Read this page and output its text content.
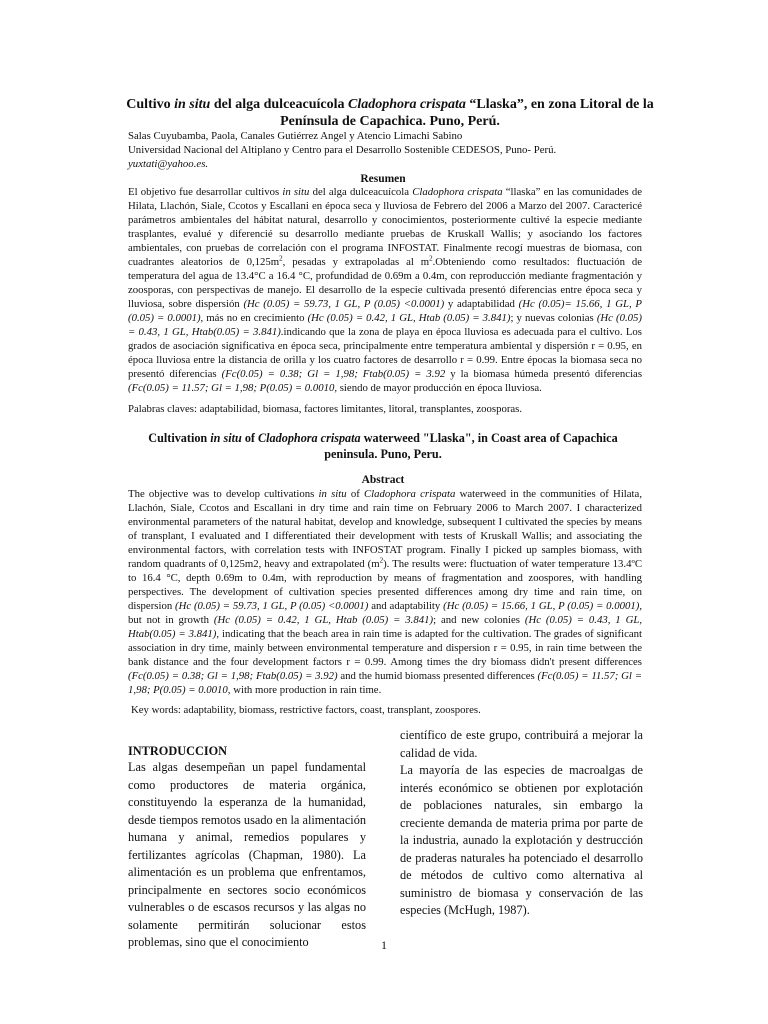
Cultivo in situ del alga dulceacuícola Cladophora crispata “Llaska”, en zona Litoral de la Península de Capachica. Puno, Perú.
Salas Cuyubamba, Paola, Canales Gutiérrez Angel y Atencio Limachi Sabino
Universidad Nacional del Altiplano y Centro para el Desarrollo Sostenible CEDESOS, Puno- Perú.
yuxtati@yahoo.es.
Resumen
El objetivo fue desarrollar cultivos in situ del alga dulceacuícola Cladophora crispata “llaska” en las comunidades de Hilata, Llachón, Siale, Ccotos y Escallani en época seca y lluviosa de Febrero del 2006 a Marzo del 2007. Caractericé parámetros ambientales del hábitat natural, desarrollo y conocimientos, posteriormente cultivé la especie mediante trasplantes, evalué y diferencié su desarrollo mediante pruebas de Kruskall Wallis; y asociando los factores ambientales, con pruebas de correlación con el programa INFOSTAT. Finalmente recogí muestras de biomasa, con cuadrantes aleatorios de $0,125m^2$, pesadas y extrapoladas al $m^2.Obteniendo$ como resultados: fluctuación de temperatura del agua de 13.4°C a 16.4 °C, profundidad de 0.69m a 0.4m, con reproducción mediante fragmentación y zoosporas, con perspectivas de manejo. El desarrollo de la especie cultivada presentó diferencias entre época seca y lluviosa, sobre dispersión (Hc (0.05) = 59.73, 1 GL, P (0.05) <0.0001) y adaptabilidad (Hc (0.05)= 15.66, 1 GL, P (0.05) = 0.0001), más no en crecimiento (Hc (0.05) = 0.42, 1 GL, Htab (0.05) = 3.841); y nuevas colonias (Hc (0.05) = 0.43, 1 GL, Htab(0.05) = 3.841).indicando que la zona de playa en época lluviosa es adecuada para el cultivo. Los grados de asociación significativa en época seca, principalmente entre temperatura ambiental y dispersión r = 0.95, en época lluviosa entre la distancia de orilla y los cuatro factores de desarrollo r = 0.99. Entre épocas la biomasa seca no presentó diferencias (Fc(0.05) = 0.38; Gl = 1,98; Ftab(0.05) = 3.92 y la biomasa húmeda presentó diferencias (Fc(0.05) = 11.57; Gl = 1,98; P(0.05) = 0.0010, siendo de mayor producción en época lluviosa.
Palabras claves: adaptabilidad, biomasa, factores limitantes, litoral, transplantes, zoosporas.
Cultivation in situ of Cladophora crispata waterweed "Llaska", in Coast area of Capachica peninsula. Puno, Peru.
Abstract
The objective was to develop cultivations in situ of Cladophora crispata waterweed in the communities of Hilata, Llachón, Siale, Ccotos and Escallani in dry time and rain time on February 2006 to March 2007. I characterized environmental parameters of the natural habitat, develop and knowledge, subsequent I cultivated the species by means of transplant, I evaluated and I differentiated their development with tests of Kruskall Wallis; and associating the environmental factors, with correlation tests with INFOSTAT program. Finally I picked up samples biomass, with random quadrants of 0,125m2, heavy and extrapolated $(m^2)$. The results were: fluctuation of water temperature 13.4ºC to 16.4 °C, depth 0.69m to 0.4m, with reproduction by means of fragmentation and zoospores, with handling perspectives. The development of cultivation species presented differences among dry time and rain time, on dispersion (Hc (0.05) = 59.73, 1 GL, P (0.05) <0.0001) and adaptability (Hc (0.05) = 15.66, 1 GL, P (0.05) = 0.0001), but not in growth (Hc (0.05) = 0.42, 1 GL, Htab (0.05) = 3.841); and new colonies (Hc (0.05) = 0.43, 1 GL, Htab(0.05) = 3.841), indicating that the beach area in rain time is adapted for the cultivation. The grades of significant association in dry time, mainly between environmental temperature and dispersion r = 0.95, in rain time between the bank distance and the four development factors r = 0.99. Among times the dry biomass didn't present differences (Fc(0.05) = 0.38; Gl = 1,98; Ftab(0.05) = 3.92) and the humid biomass presented differences (Fc(0.05) = 11.57; Gl = 1,98; P(0.05) = 0.0010, with more production in rain time.
Key words: adaptability, biomass, restrictive factors, coast, transplant, zoospores.
INTRODUCCION

Las algas desempeñan un papel fundamental como productores de materia orgánica, constituyendo la esperanza de la humanidad, desde tiempos remotos usado en la alimentación humana y animal, remedios populares y fertilizantes agrícolas (Chapman, 1980). La alimentación es un problema que enfrentamos, principalmente en sectores socio económicos vulnerables o de escasos recursos y las algas no solamente permitirán solucionar estos problemas, sino que el conocimiento

científico de este grupo, contribuirá a mejorar la calidad de vida.

La mayoría de las especies de macroalgas de interés económico se obtienen por explotación de poblaciones naturales, sin embargo la creciente demanda de materia prima por parte de la industria, aunado la explotación y destrucción de praderas naturales ha potenciado el desarrollo de métodos de cultivo como alternativa al suministro de biomasa y conservación de las especies (McHugh, 1987).

1
